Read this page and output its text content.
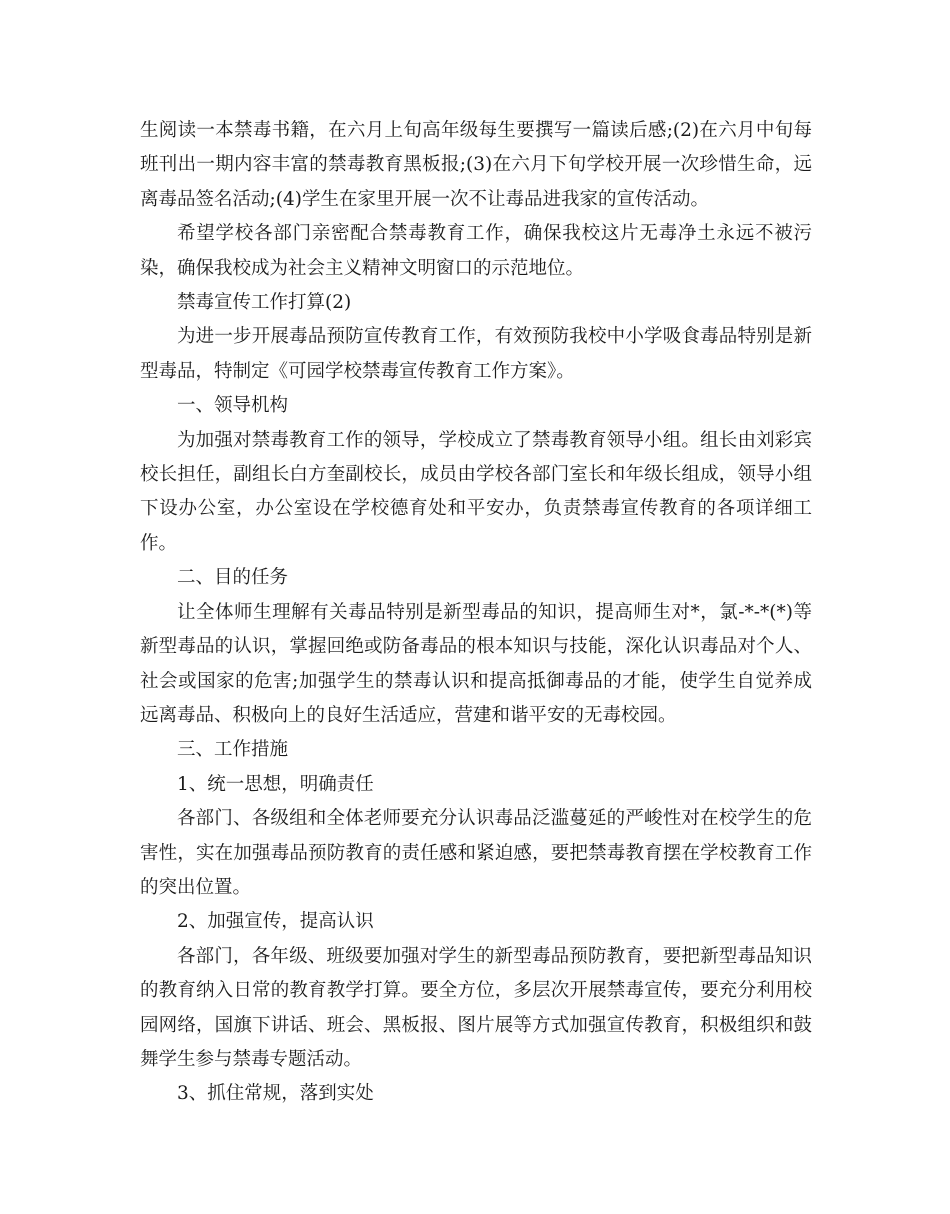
生阅读一本禁毒书籍，在六月上旬高年级每生要撰写一篇读后感;(2)在六月中旬每班刊出一期内容丰富的禁毒教育黑板报;(3)在六月下旬学校开展一次珍惜生命，远离毒品签名活动;(4)学生在家里开展一次不让毒品进我家的宣传活动。

希望学校各部门亲密配合禁毒教育工作，确保我校这片无毒净土永远不被污染，确保我校成为社会主义精神文明窗口的示范地位。

禁毒宣传工作打算(2)

为进一步开展毒品预防宣传教育工作，有效预防我校中小学吸食毒品特别是新型毒品，特制定《可园学校禁毒宣传教育工作方案》。

一、领导机构

为加强对禁毒教育工作的领导，学校成立了禁毒教育领导小组。组长由刘彩宾校长担任，副组长白方奎副校长，成员由学校各部门室长和年级长组成，领导小组下设办公室，办公室设在学校德育处和平安办，负责禁毒宣传教育的各项详细工作。

二、目的任务

让全体师生理解有关毒品特别是新型毒品的知识，提高师生对*，氯-*-*(*)等新型毒品的认识，掌握回绝或防备毒品的根本知识与技能，深化认识毒品对个人、社会或国家的危害;加强学生的禁毒认识和提高抵御毒品的才能，使学生自觉养成远离毒品、积极向上的良好生活适应，营建和谐平安的无毒校园。

三、工作措施

1、统一思想，明确责任

各部门、各级组和全体老师要充分认识毒品泛滥蔓延的严峻性对在校学生的危害性，实在加强毒品预防教育的责任感和紧迫感，要把禁毒教育摆在学校教育工作的突出位置。

2、加强宣传，提高认识

各部门，各年级、班级要加强对学生的新型毒品预防教育，要把新型毒品知识的教育纳入日常的教育教学打算。要全方位，多层次开展禁毒宣传，要充分利用校园网络，国旗下讲话、班会、黑板报、图片展等方式加强宣传教育，积极组织和鼓舞学生参与禁毒专题活动。

3、抓住常规，落到实处
